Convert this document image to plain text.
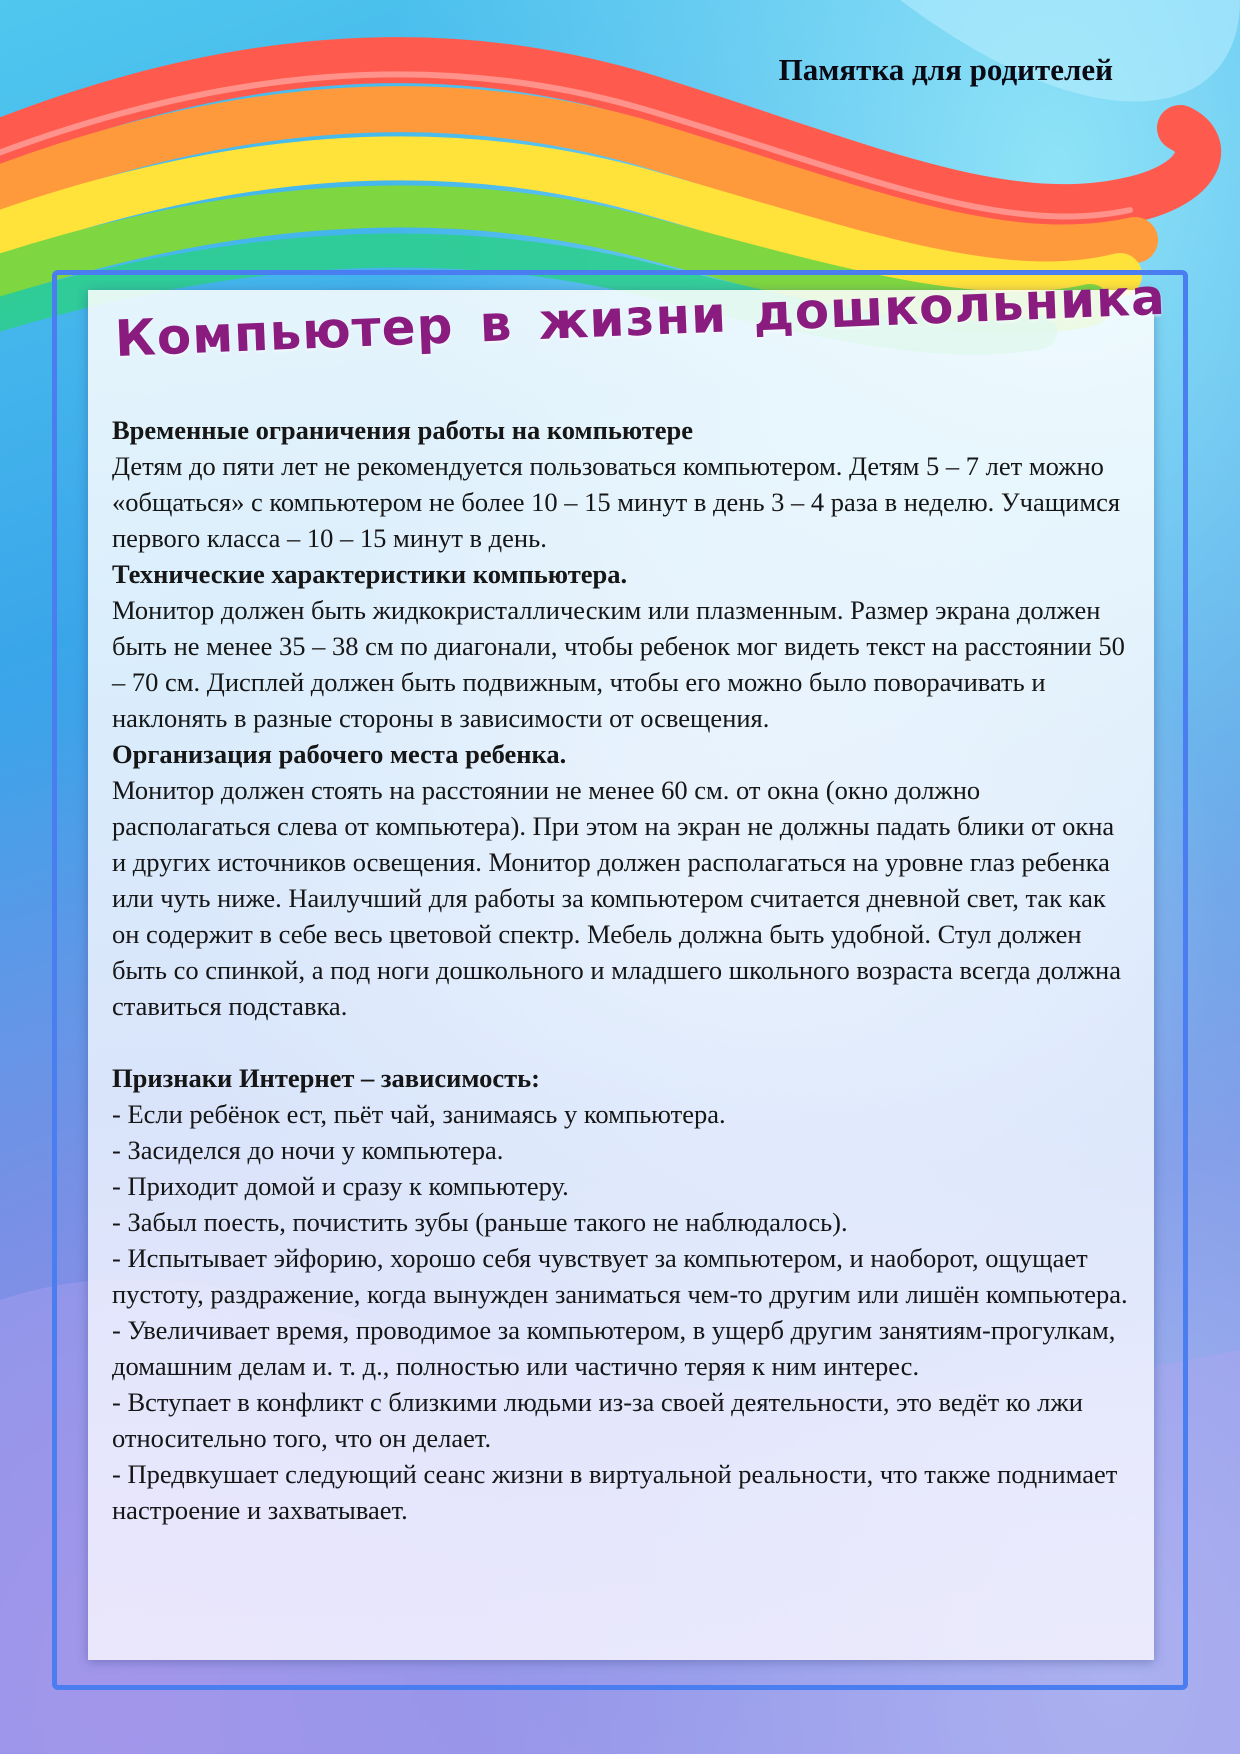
Памятка для родителей
Компьютер в жизни дошкольника

Временные ограничения работы на компьютере

Детям до пяти лет не рекомендуется пользоваться компьютером. Детям 5 – 7 лет можно «общаться» с компьютером не более 10 – 15 минут в день 3 – 4 раза в неделю. Учащимся первого класса – 10 – 15 минут в день.

Технические характеристики компьютера.

Монитор должен быть жидкокристаллическим или плазменным. Размер экрана должен быть не менее 35 – 38 см по диагонали, чтобы ребенок мог видеть текст на расстоянии 50 – 70 см. Дисплей должен быть подвижным, чтобы его можно было поворачивать и наклонять в разные стороны в зависимости от освещения.

Организация рабочего места ребенка.

Монитор должен стоять на расстоянии не менее 60 см. от окна (окно должно располагаться слева от компьютера). При этом на экран не должны падать блики от окна и других источников освещения. Монитор должен располагаться на уровне глаз ребенка или чуть ниже. Наилучший для работы за компьютером считается дневной свет, так как он содержит в себе весь цветовой спектр. Мебель должна быть удобной. Стул должен быть со спинкой, а под ноги дошкольного и младшего школьного возраста всегда должна ставиться подставка.

Признаки Интернет – зависимость:

- Если ребёнок ест, пьёт чай, занимаясь у компьютера.

- Засиделся до ночи у компьютера.

- Приходит домой и сразу к компьютеру.

- Забыл поесть, почистить зубы (раньше такого не наблюдалось).

- Испытывает эйфорию, хорошо себя чувствует за компьютером, и наоборот, ощущает пустоту, раздражение, когда вынужден заниматься чем-то другим или лишён компьютера.

- Увеличивает время, проводимое за компьютером, в ущерб другим занятиям-прогулкам, домашним делам и. т. д., полностью или частично теряя к ним интерес.

- Вступает в конфликт с близкими людьми из-за своей деятельности, это ведёт ко лжи относительно того, что он делает.

- Предвкушает следующий сеанс жизни в виртуальной реальности, что также поднимает настроение и захватывает.
